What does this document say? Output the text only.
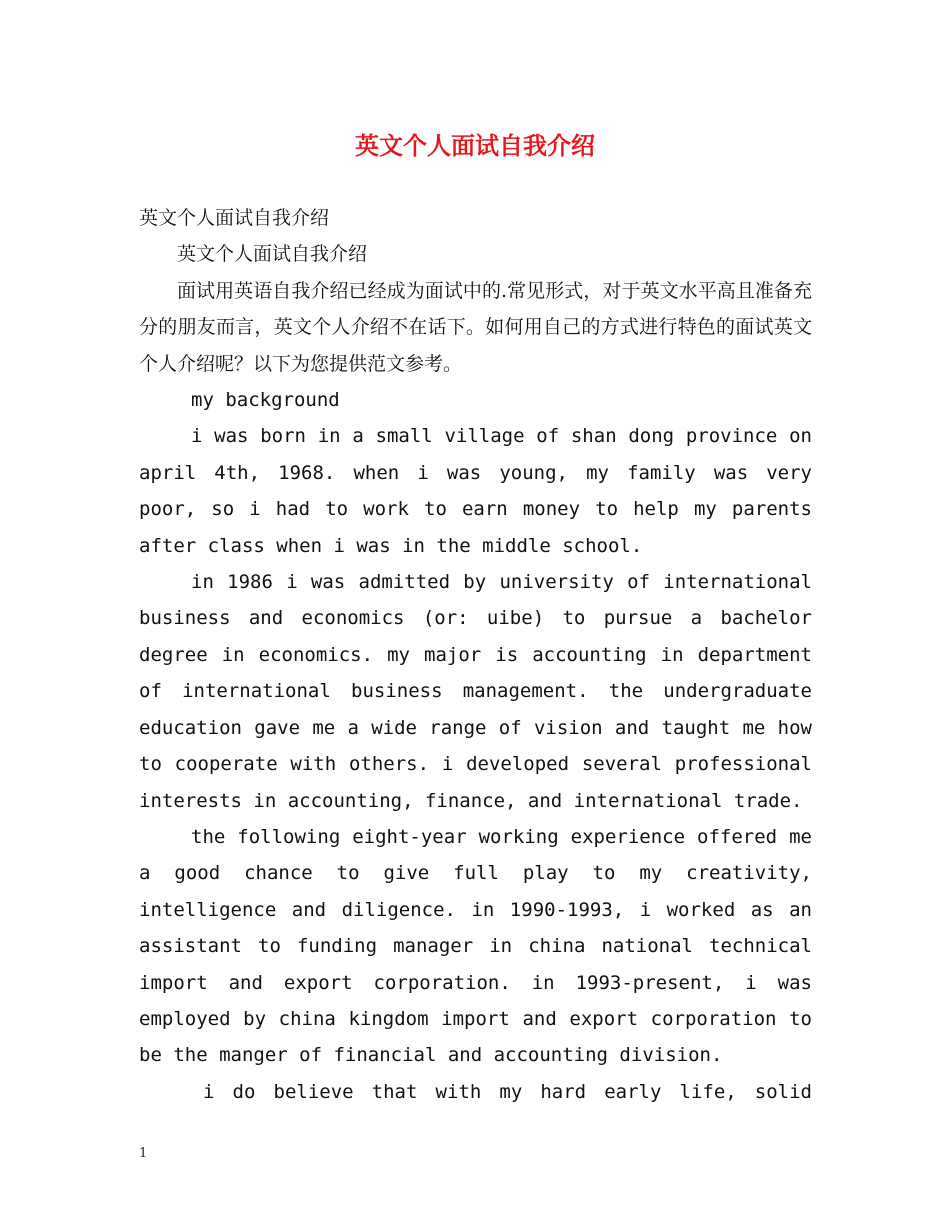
英文个人面试自我介绍

英文个人面试自我介绍

英文个人面试自我介绍

面试用英语自我介绍已经成为面试中的.常见形式，对于英文水平高且准备充分的朋友而言，英文个人介绍不在话下。如何用自己的方式进行特色的面试英文个人介绍呢？以下为您提供范文参考。

my background

i was born in a small village of shan dong province on april 4th, 1968. when i was young, my family was very poor, so i had to work to earn money to help my parents after class when i was in the middle school.

in 1986 i was admitted by university of international business and economics (or: uibe) to pursue a bachelor degree in economics. my major is accounting in department of international business management. the undergraduate education gave me a wide range of vision and taught me how to cooperate with others. i developed several professional interests in accounting, finance, and international trade.

the following eight-year working experience offered me a good chance to give full play to my creativity, intelligence and diligence. in 1990-1993, i worked as an assistant to funding manager in china national technical import and export corporation. in 1993-present, i was employed by china kingdom import and export corporation to be the manger of financial and accounting division.

i do believe that with my hard early life, solid

1
